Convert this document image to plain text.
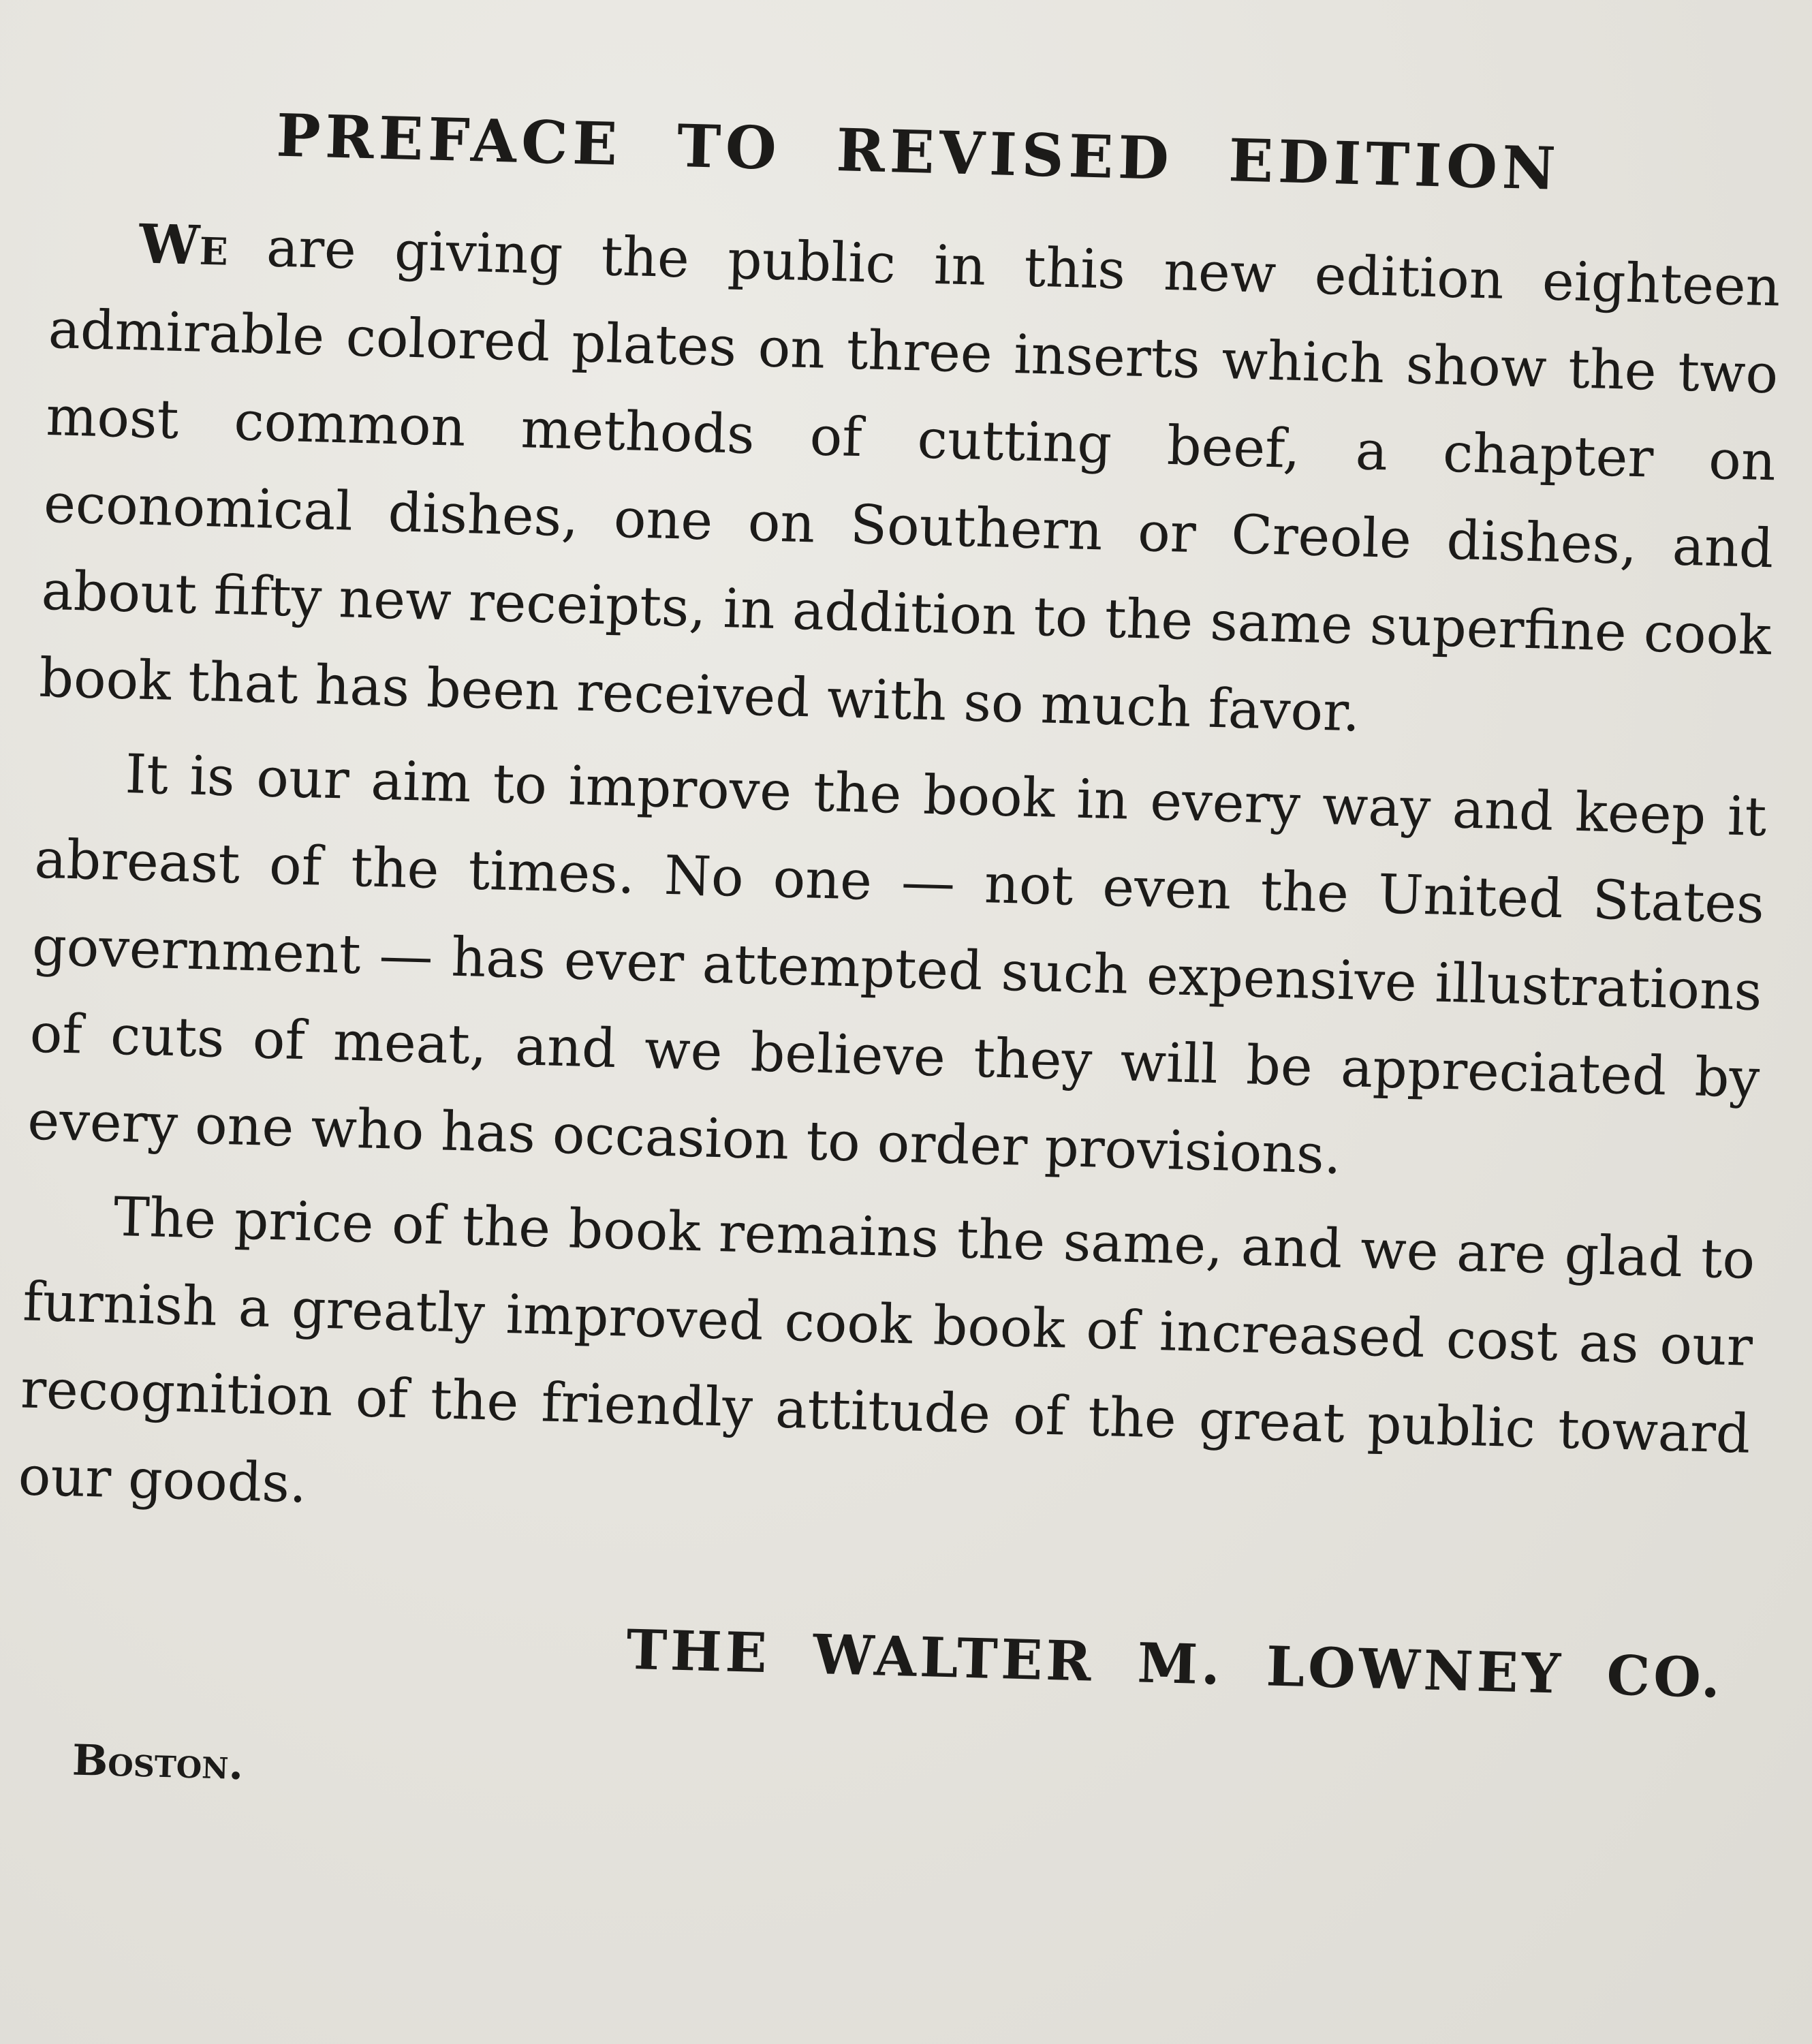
PREFACE TO REVISED EDITION

We are giving the public in this new edition eighteen admirable colored plates on three inserts which show the two most common methods of cutting beef, a chapter on economical dishes, one on Southern or Creole dishes, and about fifty new receipts, in addition to the same superfine cook book that has been received with so much favor.

It is our aim to improve the book in every way and keep it abreast of the times. No one — not even the United States government — has ever attempted such expensive illustrations of cuts of meat, and we believe they will be appreciated by every one who has occasion to order provisions.

The price of the book remains the same, and we are glad to furnish a greatly improved cook book of increased cost as our recognition of the friendly attitude of the great public toward our goods.

THE WALTER M. LOWNEY CO.
Boston.
